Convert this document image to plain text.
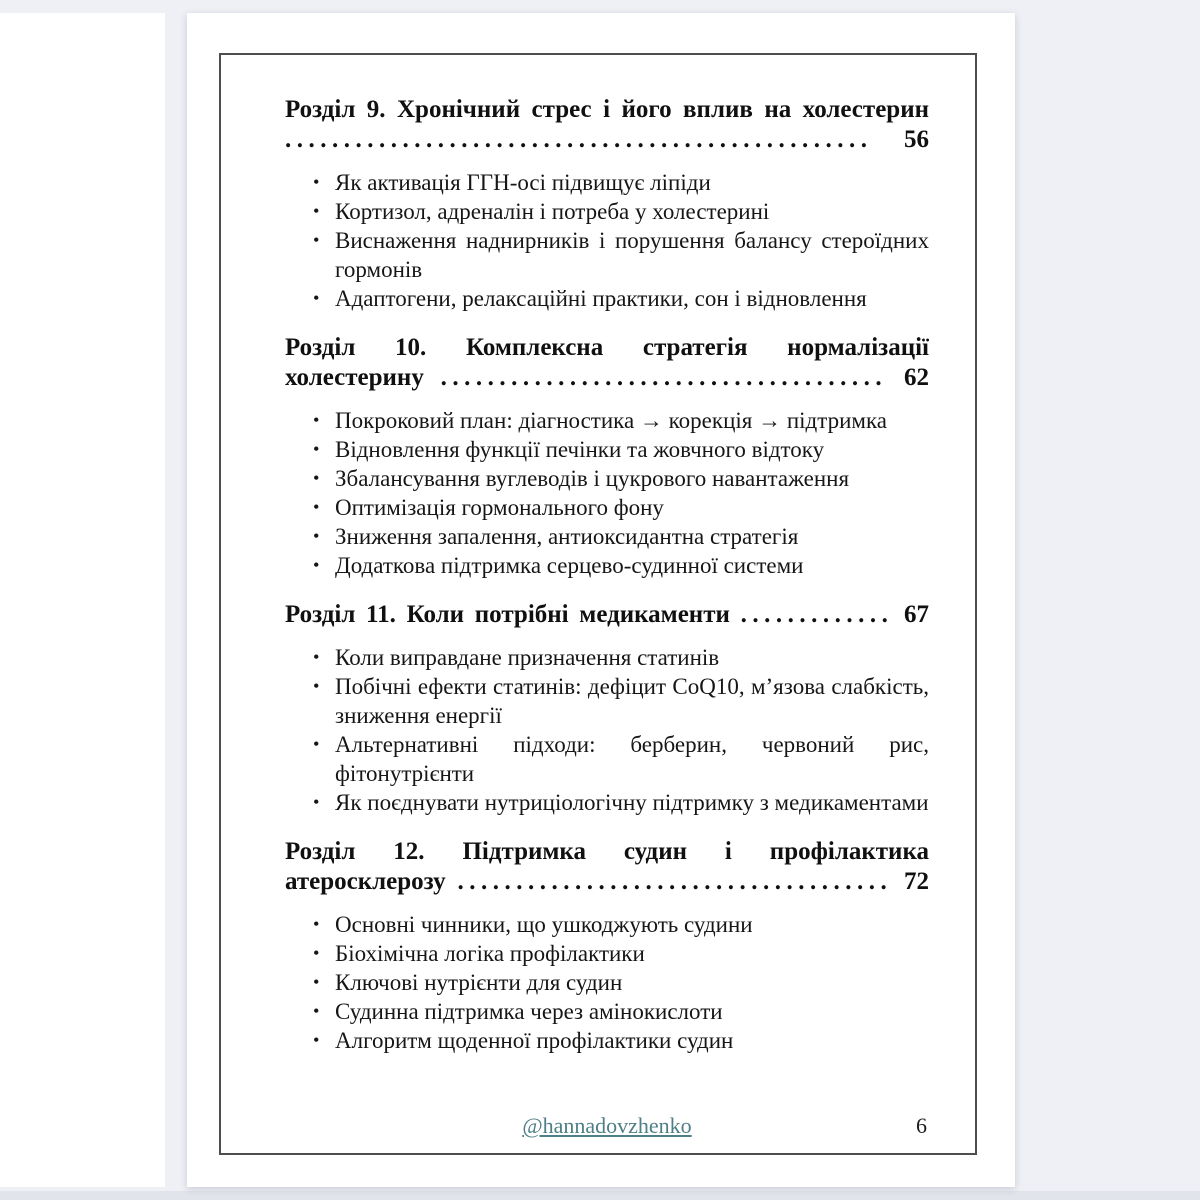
Розділ 9. Хронічний стрес і його вплив на холестерин .................................................. 56

• Як активація ГГН-осі підвищує ліпіди
• Кортизол, адреналін і потреба у холестерині
• Виснаження наднирників і порушення балансу стероїдних гормонів
• Адаптогени, релаксаційні практики, сон і відновлення

Розділ 10. Комплексна стратегія нормалізації холестерину ...................................... 62

• Покроковий план: діагностика → корекція → підтримка
• Відновлення функції печінки та жовчного відтоку
• Збалансування вуглеводів і цукрового навантаження
• Оптимізація гормонального фону
• Зниження запалення, антиоксидантна стратегія
• Додаткова підтримка серцево-судинної системи

Розділ 11. Коли потрібні медикаменти ............. 67

• Коли виправдане призначення статинів
• Побічні ефекти статинів: дефіцит CoQ10, м’язова слабкість, зниження енергії
• Альтернативні підходи: берберин, червоний рис, фітонутрієнти
• Як поєднувати нутриціологічну підтримку з медикаментами

Розділ 12. Підтримка судин і профілактика атеросклерозу ..................................... 72

• Основні чинники, що ушкоджують судини
• Біохімічна логіка профілактики
• Ключові нутрієнти для судин
• Судинна підтримка через амінокислоти
• Алгоритм щоденної профілактики судин
@hannadovzhenko	6
